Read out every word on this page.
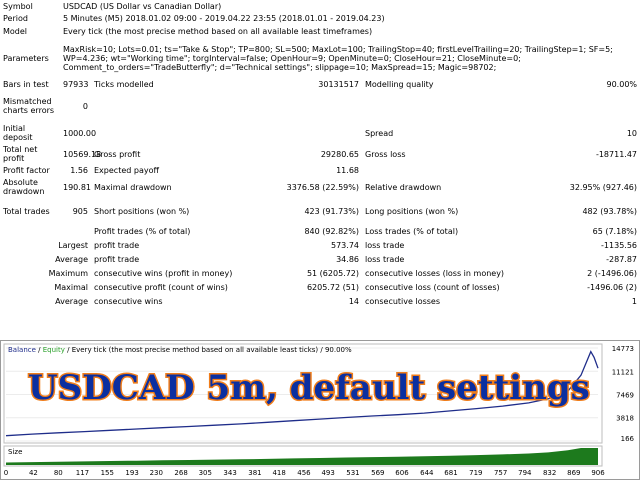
Symbol	USDCAD (US Dollar vs Canadian Dollar)				
Period	5 Minutes (M5) 2018.01.02 09:00 - 2019.04.22 23:55 (2018.01.01 - 2019.04.23)				
Model	Every tick (the most precise method based on all available least timeframes)				
Parameters	MaxRisk=10; Lots=0.01; ts="Take & Stop"; TP=800; SL=500; MaxLot=100; TrailingStop=40; firstLevelTrailing=20; TrailingStep=1; SF=5; WP=4.236; wt="Working time"; torgInterval=false; OpenHour=9; OpenMinute=0; CloseHour=21; CloseMinute=0; Comment_to_orders="TradeButterfly"; d="Technical settings"; slippage=10; MaxSpread=15; Magic=98702;				
Bars in test	97933	Ticks modelled	30131517	Modelling quality	90.00%
Mismatched charts errors	0				
Initial deposit	1000.00			Spread	10
Total net profit	10569.18	Gross profit	29280.65	Gross loss	-18711.47
Profit factor	1.56	Expected payoff	11.68		
Absolute drawdown	190.81	Maximal drawdown	3376.58 (22.59%)	Relative drawdown	32.95% (927.46)
Total trades	905	Short positions (won %)	423 (91.73%)	Long positions (won %)	482 (93.78%)
		Profit trades (% of total)	840 (92.82%)	Loss trades (% of total)	65 (7.18%)
Largest		profit trade	573.74	loss trade	-1135.56
Average		profit trade	34.86	loss trade	-287.87
Maximum		consecutive wins (profit in money)	51 (6205.72)	consecutive losses (loss in money)	2 (-1496.06)
Maximal		consecutive profit (count of wins)	6205.72 (51)	consecutive loss (count of losses)	-1496.06 (2)
Average		consecutive wins	14	consecutive losses	1
14773
11121
7469
3818
166
Balance / Equity / Every tick (the most precise method based on all available least ticks) / 90.00%
USDCAD 5m, default settings
Size
0	42 80 117 155 193 230 268 305 343 381 418 456 493 531 569 606 644 681 719 757 794 832 869 906
